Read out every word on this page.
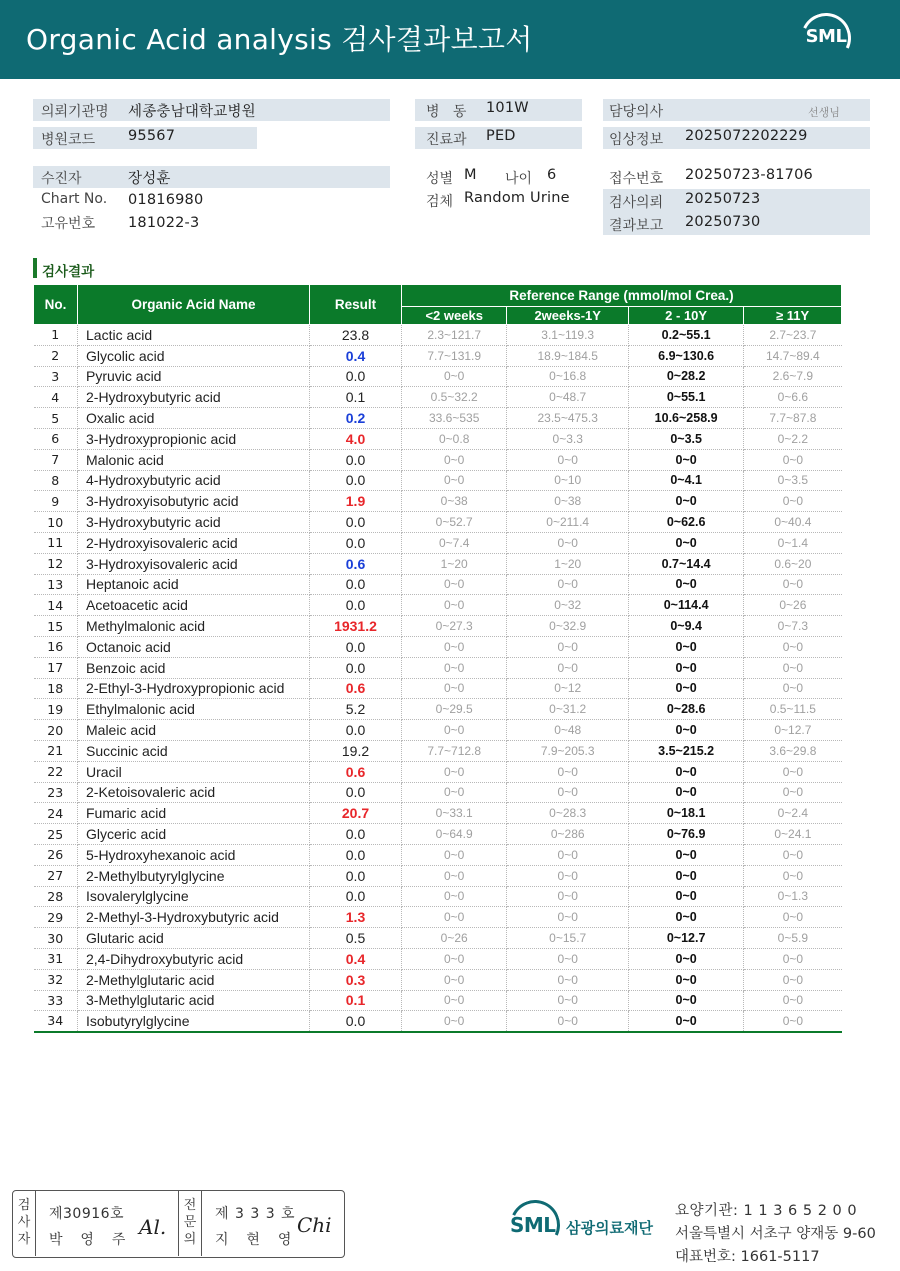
Organic Acid analysis 검사결과보고서	SML
의뢰기관명 세종충남대학교병원
병원코드 95567
병   동 101W
진료과 PED
담당의사	선생님
임상정보 2025072202229
수진자	장성훈
Chart No. 01816980
고유번호 181022-3
성별 M 나이 6
검체 Random Urine
접수번호 20250723-81706
검사의뢰 20250723
결과보고 20250730
검사결과
No.	Organic Acid Name	Result	Reference Range (mmol/mol Crea.)			
			<2 weeks	2weeks-1Y	2 - 10Y	≥ 11Y
1	Lactic acid	23.8	2.3~121.7	3.1~119.3	0.2~55.1	2.7~23.7
2	Glycolic acid	0.4	7.7~131.9	18.9~184.5	6.9~130.6	14.7~89.4
3	Pyruvic acid	0.0	0~0	0~16.8	0~28.2	2.6~7.9
4	2-Hydroxybutyric acid	0.1	0.5~32.2	0~48.7	0~55.1	0~6.6
5	Oxalic acid	0.2	33.6~535	23.5~475.3	10.6~258.9	7.7~87.8
6	3-Hydroxypropionic acid	4.0	0~0.8	0~3.3	0~3.5	0~2.2
7	Malonic acid	0.0	0~0	0~0	0~0	0~0
8	4-Hydroxybutyric acid	0.0	0~0	0~10	0~4.1	0~3.5
9	3-Hydroxyisobutyric acid	1.9	0~38	0~38	0~0	0~0
10	3-Hydroxybutyric acid	0.0	0~52.7	0~211.4	0~62.6	0~40.4
11	2-Hydroxyisovaleric acid	0.0	0~7.4	0~0	0~0	0~1.4
12	3-Hydroxyisovaleric acid	0.6	1~20	1~20	0.7~14.4	0.6~20
13	Heptanoic acid	0.0	0~0	0~0	0~0	0~0
14	Acetoacetic acid	0.0	0~0	0~32	0~114.4	0~26
15	Methylmalonic acid	1931.2	0~27.3	0~32.9	0~9.4	0~7.3
16	Octanoic acid	0.0	0~0	0~0	0~0	0~0
17	Benzoic acid	0.0	0~0	0~0	0~0	0~0
18	2-Ethyl-3-Hydroxypropionic acid	0.6	0~0	0~12	0~0	0~0
19	Ethylmalonic acid	5.2	0~29.5	0~31.2	0~28.6	0.5~11.5
20	Maleic acid	0.0	0~0	0~48	0~0	0~12.7
21	Succinic acid	19.2	7.7~712.8	7.9~205.3	3.5~215.2	3.6~29.8
22	Uracil	0.6	0~0	0~0	0~0	0~0
23	2-Ketoisovaleric acid	0.0	0~0	0~0	0~0	0~0
24	Fumaric acid	20.7	0~33.1	0~28.3	0~18.1	0~2.4
25	Glyceric acid	0.0	0~64.9	0~286	0~76.9	0~24.1
26	5-Hydroxyhexanoic acid	0.0	0~0	0~0	0~0	0~0
27	2-Methylbutyrylglycine	0.0	0~0	0~0	0~0	0~0
28	Isovalerylglycine	0.0	0~0	0~0	0~0	0~1.3
29	2-Methyl-3-Hydroxybutyric acid	1.3	0~0	0~0	0~0	0~0
30	Glutaric acid	0.5	0~26	0~15.7	0~12.7	0~5.9
31	2,4-Dihydroxybutyric acid	0.4	0~0	0~0	0~0	0~0
32	2-Methylglutaric acid	0.3	0~0	0~0	0~0	0~0
33	3-Methylglutaric acid	0.1	0~0	0~0	0~0	0~0
34	Isobutyrylglycine	0.0	0~0	0~0	0~0	0~0
검
사
자
제30916호
박  영  주
Al.
전
문
의
제 3 3 3 호
지  현  영
Chi	SML 삼광의료재단
요양기관: 1 1 3 6 5 2 0 0
서울특별시 서초구 양재동 9-60
대표번호: 1661-5117
